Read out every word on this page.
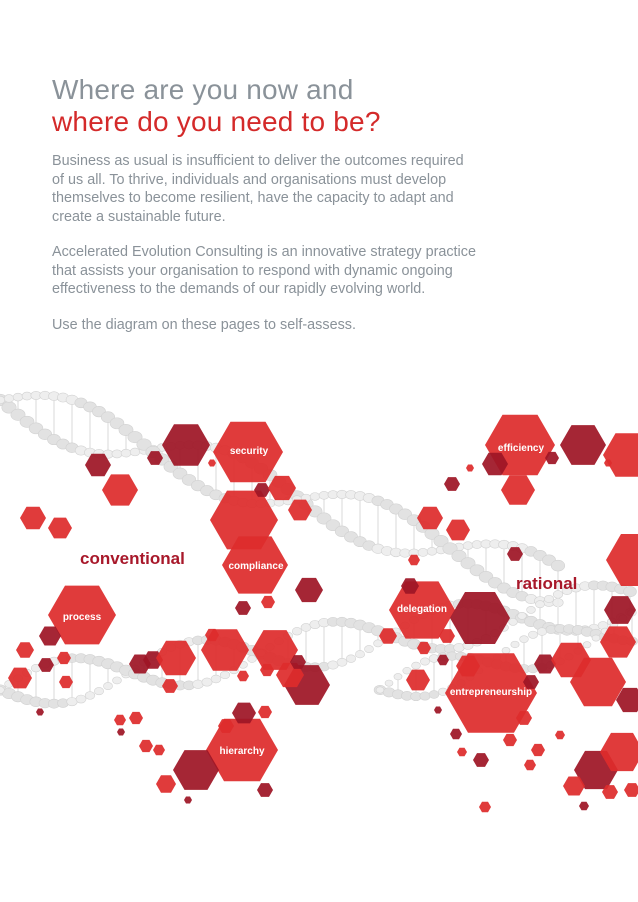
Where are you now and
where do you need to be?

Business as usual is insufficient to deliver the outcomes required
of us all. To thrive, individuals and organisations must develop
themselves to become resilient, have the capacity to adapt and
create a sustainable future.

Accelerated Evolution Consulting is an innovative strategy practice
that assists your organisation to respond with dynamic ongoing
effectiveness to the demands of our rapidly evolving world.

Use the diagram on these pages to self-assess.

conventional
rational
security
compliance
process
hierarchy
efficiency
delegation
entrepreneurship
